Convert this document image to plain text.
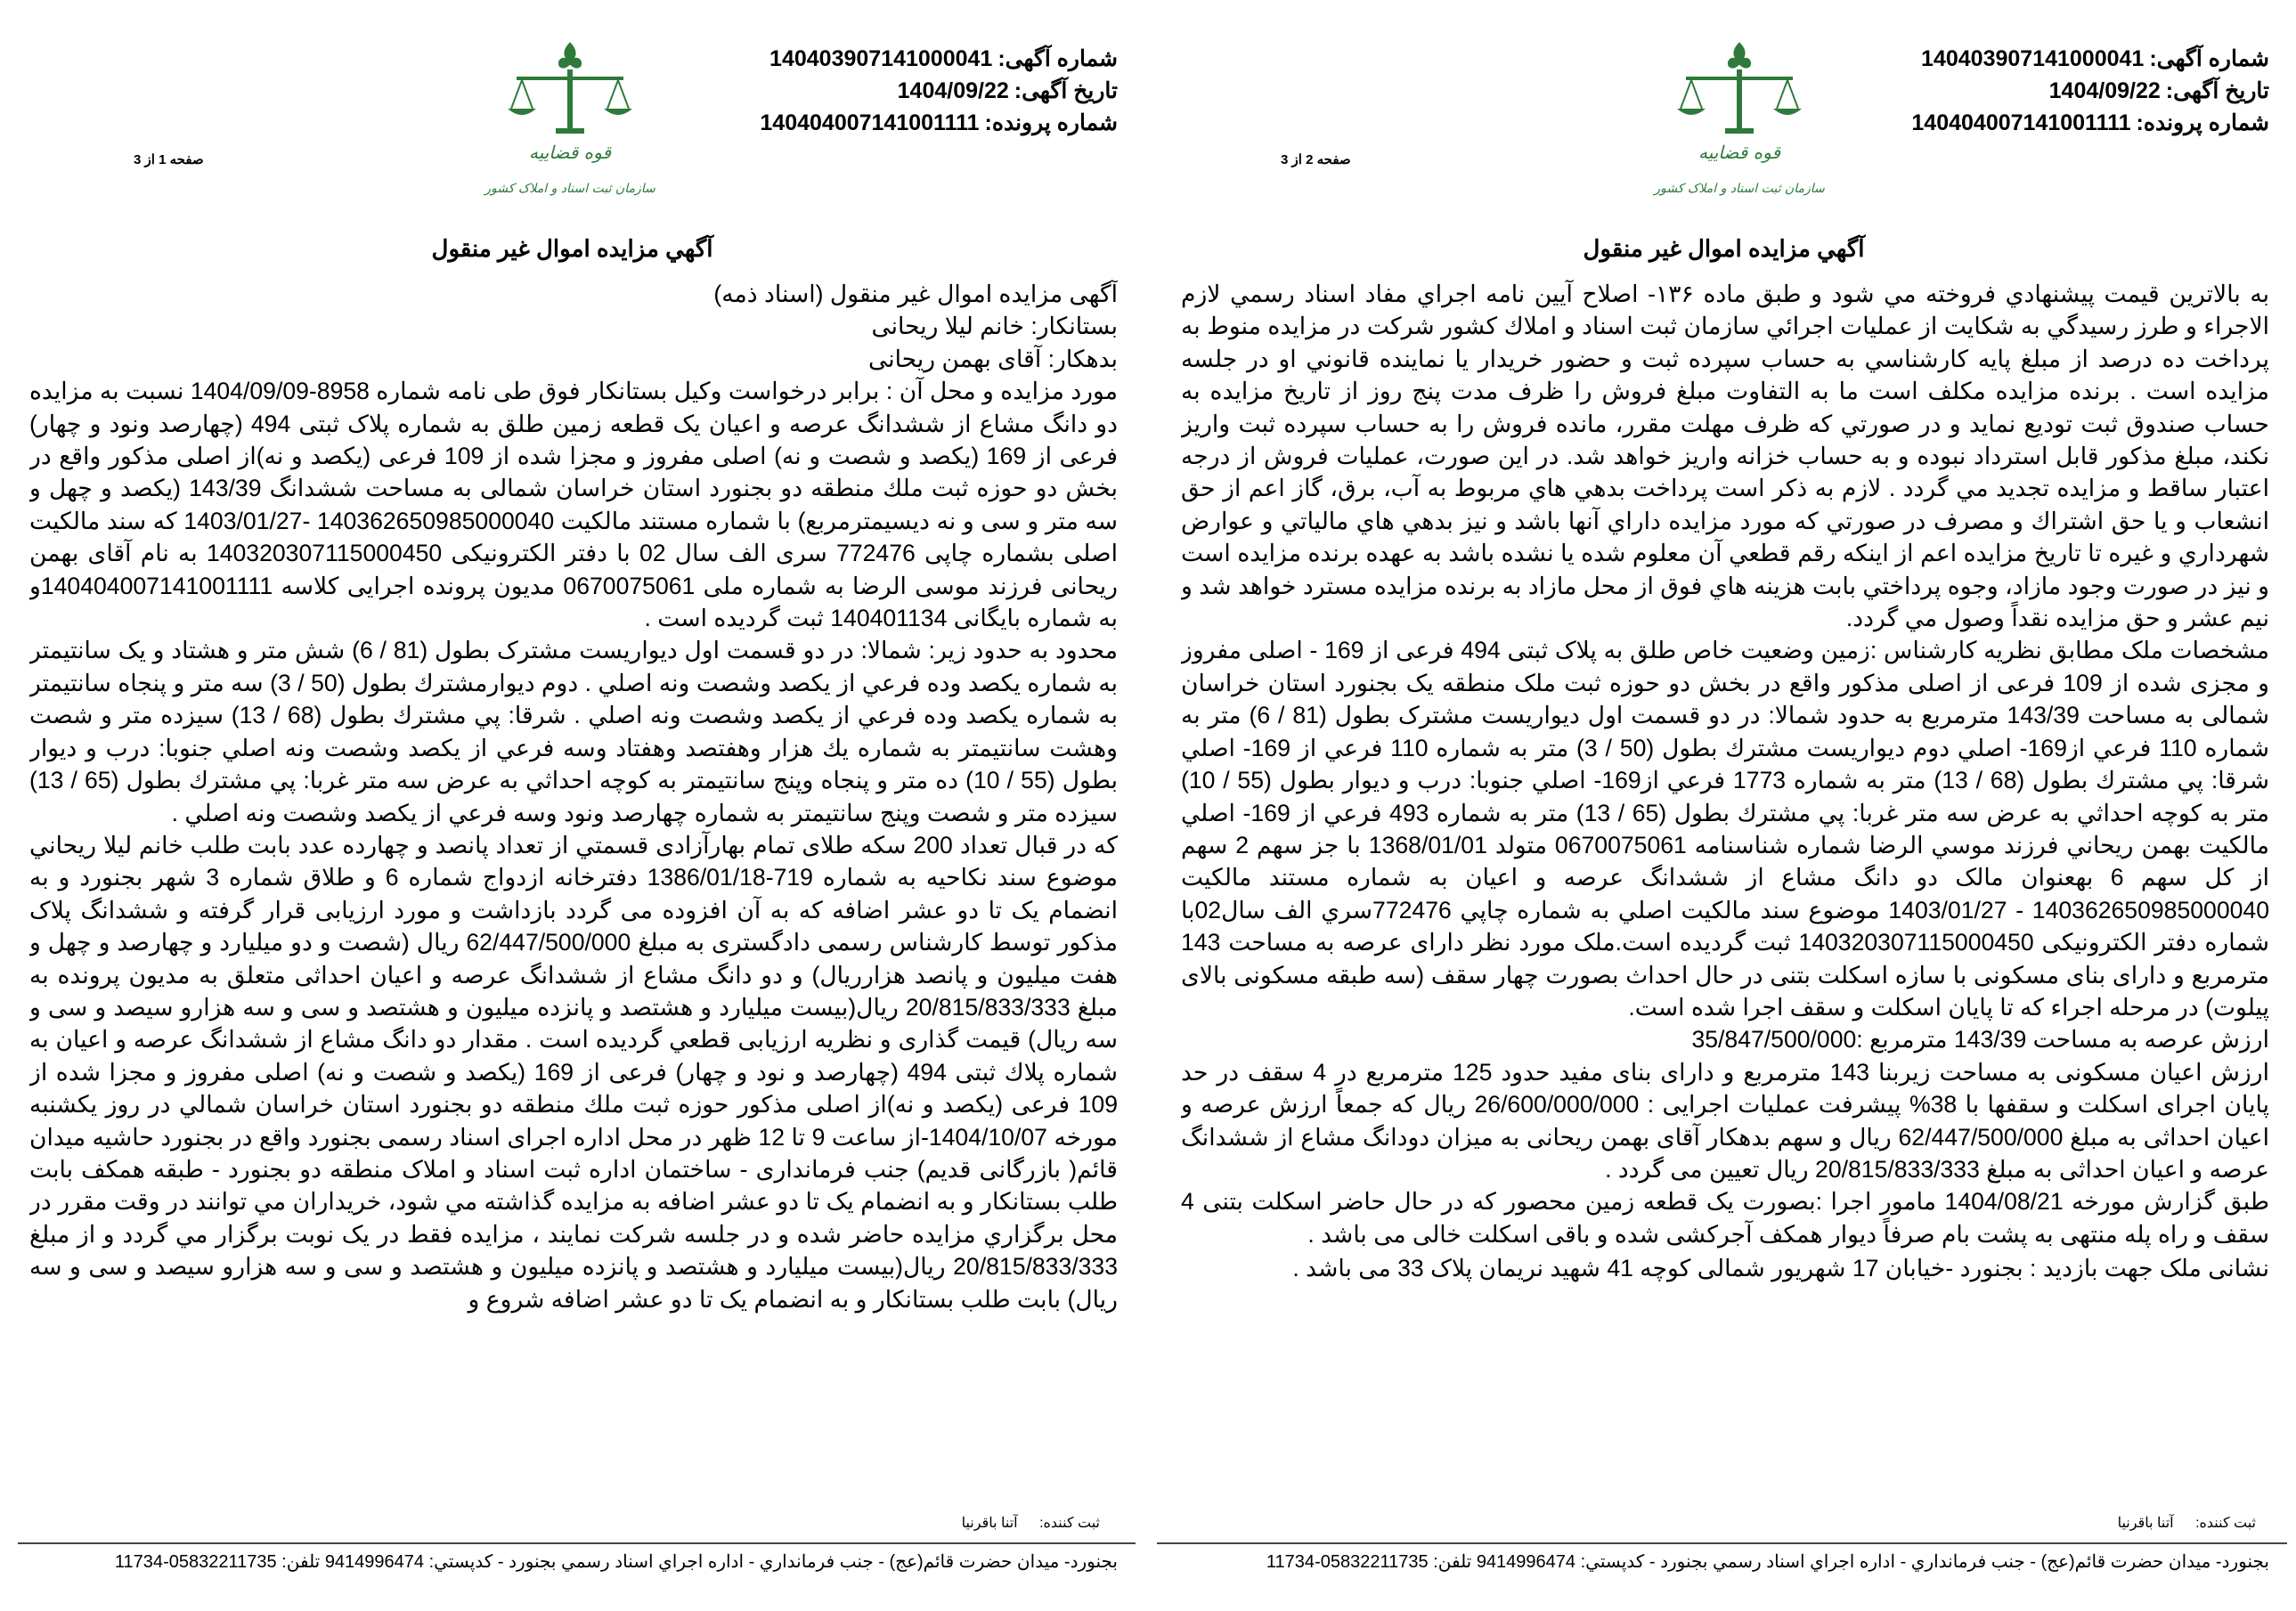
شماره آگهی:140403907141000041
تاریخ آگهی:1404/09/22
شماره پرونده:140404007141001111
قوه قضاییه
سازمان ثبت اسناد و املاک کشور
صفحه 2 از 3
آگهي مزايده اموال غير منقول

به بالاترين قيمت پيشنهادي فروخته مي شود و طبق ماده ۱۳۶- اصلاح آيين نامه اجراي مفاد اسناد رسمي لازم الاجراء و طرز رسيدگي به شكايت از عمليات اجرائي سازمان ثبت اسناد و املاك كشور شركت در مزايده منوط به پرداخت ده درصد از مبلغ پايه كارشناسي به حساب سپرده ثبت و حضور خريدار يا نماينده قانوني او در جلسه مزايده است . برنده مزايده مكلف است ما به التفاوت مبلغ فروش را ظرف مدت پنج روز از تاريخ مزايده به حساب صندوق ثبت توديع نمايد و در صورتي كه ظرف مهلت مقرر، مانده فروش را به حساب سپرده ثبت واريز نكند، مبلغ مذكور قابل استرداد نبوده و به حساب خزانه واريز خواهد شد. در اين صورت، عمليات فروش از درجه اعتبار ساقط و مزايده تجديد مي گردد . لازم به ذكر است پرداخت بدهي هاي مربوط به آب، برق، گاز اعم از حق انشعاب و يا حق اشتراك و مصرف در صورتي كه مورد مزايده داراي آنها باشد و نيز بدهي هاي مالياتي و عوارض شهرداري و غيره تا تاريخ مزايده اعم از اينكه رقم قطعي آن معلوم شده يا نشده باشد به عهده برنده مزايده است و نيز در صورت وجود مازاد، وجوه پرداختي بابت هزينه هاي فوق از محل مازاد به برنده مزايده مسترد خواهد شد و نيم عشر و حق مزايده نقداً وصول مي گردد.

مشخصات ملک مطابق نظریه کارشناس :زمین وضعیت خاص طلق به پلاک ثبتی 494 فرعی از 169 - اصلی مفروز و مجزی شده از 109 فرعی از اصلی مذکور واقع در بخش دو حوزه ثبت ملک منطقه یک بجنورد استان خراسان شمالی به مساحت 143/39 مترمربع به حدود شمالا: در دو قسمت اول دیواریست مشترک بطول (81 / 6) متر به شماره 110 فرعي از169- اصلي دوم ديواريست مشترك بطول (50 / 3) متر به شماره 110 فرعي از 169- اصلي شرقا: پي مشترك بطول (68 / 13) متر به شماره 1773 فرعي از169- اصلي جنوبا: درب و ديوار بطول (55 / 10) متر به كوچه احداثي به عرض سه متر غربا: پي مشترك بطول (65 / 13) متر به شماره 493 فرعي از 169- اصلي مالكيت بهمن ريحاني فرزند موسي الرضا شماره شناسنامه 0670075061 متولد 1368/01/01 با جز سهم 2 سهم از کل سهم 6 بهعنوان مالک دو دانگ مشاع از ششدانگ عرصه و اعیان به شماره مستند مالکیت 140362650985000040 - 1403/01/27 موضوع سند مالكيت اصلي به شماره چاپي 772476سري الف سال02با شماره دفتر الکترونیکی 140320307115000450 ثبت گرديده است.ملک مورد نظر دارای عرصه به مساحت 143 مترمربع و دارای بنای مسکونی با سازه اسکلت بتنی در حال احداث بصورت چهار سقف (سه طبقه مسکونی بالای پیلوت) در مرحله اجراء که تا پایان اسکلت و سقف اجرا شده است.

ارزش عرصه به مساحت 143/39 مترمربع :35/847/500/000

ارزش اعیان مسکونی به مساحت زیربنا 143 مترمربع و دارای بنای مفید حدود 125 مترمربع در 4 سقف در حد پایان اجرای اسکلت و سقفها با 38% پیشرفت عملیات اجرایی : 26/600/000/000 ریال که جمعاً ارزش عرصه و اعیان احداثی به مبلغ 62/447/500/000 ریال و سهم بدهکار آقای بهمن ریحانی به میزان دودانگ مشاع از ششدانگ عرصه و اعیان احداثی به مبلغ 20/815/833/333 ریال تعیین می گردد .

طبق گزارش مورخه 1404/08/21 مامور اجرا :بصورت یک قطعه زمین محصور که در حال حاضر اسکلت بتنی 4 سقف و راه پله منتهی به پشت بام صرفاً دیوار همکف آجرکشی شده و باقی اسکلت خالی می باشد .

نشانی ملک جهت بازدید : بجنورد -خیابان 17 شهریور شمالی کوچه 41 شهید نریمان پلاک 33 می باشد .

ثبت كننده: آتنا باقرنيا
بجنورد- ميدان حضرت قائم(عج) - جنب فرمانداري - اداره اجراي اسناد رسمي بجنورد - كدپستي: 9414996474 تلفن: 05832211735-11734
شماره آگهی:140403907141000041
تاریخ آگهی:1404/09/22
شماره پرونده:140404007141001111
قوه قضاییه
سازمان ثبت اسناد و املاک کشور
صفحه 1 از 3
آگهي مزايده اموال غير منقول

آگهی مزایده اموال غیر منقول (اسناد ذمه)

بستانکار: خانم لیلا ریحانی

بدهکار: آقای بهمن ریحانی

مورد مزایده و محل آن : برابر درخواست وکیل بستانکار فوق طی نامه شماره 8958-1404/09/09 نسبت به مزایده دو دانگ مشاع از ششدانگ عرصه و اعیان یک قطعه زمین طلق به شماره پلاک ثبتی 494 (چهارصد ونود و چهار) فرعی از 169 (یکصد و شصت و نه) اصلی مفروز و مجزا شده از 109 فرعی (یکصد و نه)از اصلی مذکور واقع در بخش دو حوزه ثبت ملك منطقه دو بجنورد استان خراسان شمالی به مساحت ششدانگ 143/39 (یکصد و چهل و سه متر و سی و نه دیسیمترمربع) با شماره مستند مالکیت 140362650985000040 -1403/01/27 که سند مالکیت اصلی بشماره چاپی 772476 سری الف سال 02 با دفتر الکترونیکی 140320307115000450 به نام آقای بهمن ریحانی فرزند موسی الرضا به شماره ملی 0670075061 مدیون پرونده اجرایی کلاسه 140404007141001111و به شماره بایگانی 140401134 ثبت گردیده است .

محدود به حدود زیر: شمالا: در دو قسمت اول دیواریست مشترک بطول (81 / 6) شش متر و هشتاد و یک سانتیمتر به شماره يكصد وده فرعي از يكصد وشصت ونه اصلي . دوم ديوارمشترك بطول (50 / 3) سه متر و پنجاه سانتيمتر به شماره يكصد وده فرعي از يكصد وشصت ونه اصلي . شرقا: پي مشترك بطول (68 / 13) سيزده متر و شصت وهشت سانتيمتر به شماره يك هزار وهفتصد وهفتاد وسه فرعي از يكصد وشصت ونه اصلي جنوبا: درب و ديوار بطول (55 / 10) ده متر و پنجاه وپنج سانتيمتر به كوچه احداثي به عرض سه متر غربا: پي مشترك بطول (65 / 13) سيزده متر و شصت وپنج سانتيمتر به شماره چهارصد ونود وسه فرعي از يكصد وشصت ونه اصلي .

كه در قبال تعداد 200 سکه طلای تمام بهارآزادی قسمتي از تعداد پانصد و چهارده عدد بابت طلب خانم ليلا ريحاني موضوع سند نكاحيه به شماره 719-1386/01/18 دفترخانه ازدواج شماره 6 و طلاق شماره 3 شهر بجنورد و به انضمام يک تا دو عشر اضافه که به آن افزوده می گردد بازداشت و مورد ارزيابی قرار گرفته و ششدانگ پلاک مذکور توسط کارشناس رسمی دادگستری به مبلغ 62/447/500/000 ريال (شصت و دو ميليارد و چهارصد و چهل و هفت ميليون و پانصد هزارريال) و دو دانگ مشاع از ششدانگ عرصه و اعيان احداثی متعلق به مديون پرونده به مبلغ 20/815/833/333 ريال(بيست ميليارد و هشتصد و پانزده ميليون و هشتصد و سی و سه هزارو سيصد و سی و سه ريال) قيمت گذاری و نظريه ارزيابی قطعي گرديده است . مقدار دو دانگ مشاع از ششدانگ عرصه و اعیان به شماره پلاك ثبتی 494 (چهارصد و نود و چهار) فرعی از 169 (یکصد و شصت و نه) اصلی مفروز و مجزا شده از 109 فرعی (یکصد و نه)از اصلی مذکور حوزه ثبت ملك منطقه دو بجنورد استان خراسان شمالي در روز يكشنبه مورخه 1404/10/07-از ساعت 9 تا 12 ظهر در محل اداره اجرای اسناد رسمی بجنورد واقع در بجنورد حاشيه ميدان قائم( بازرگانی قديم) جنب فرمانداری - ساختمان اداره ثبت اسناد و املاک منطقه دو بجنورد - طبقه همکف بابت طلب بستانكار و به انضمام یک تا دو عشر اضافه به مزايده گذاشته مي شود، خريداران مي توانند در وقت مقرر در محل برگزاري مزايده حاضر شده و در جلسه شركت نمايند ، مزايده فقط در یک نوبت برگزار مي گردد و از مبلغ 20/815/833/333 ريال(بيست ميليارد و هشتصد و پانزده ميليون و هشتصد و سی و سه هزارو سيصد و سی و سه ريال) بابت طلب بستانکار و به انضمام یک تا دو عشر اضافه شروع و

ثبت كننده: آتنا باقرنيا
بجنورد- ميدان حضرت قائم(عج) - جنب فرمانداري - اداره اجراي اسناد رسمي بجنورد - كدپستي: 9414996474 تلفن: 05832211735-11734
